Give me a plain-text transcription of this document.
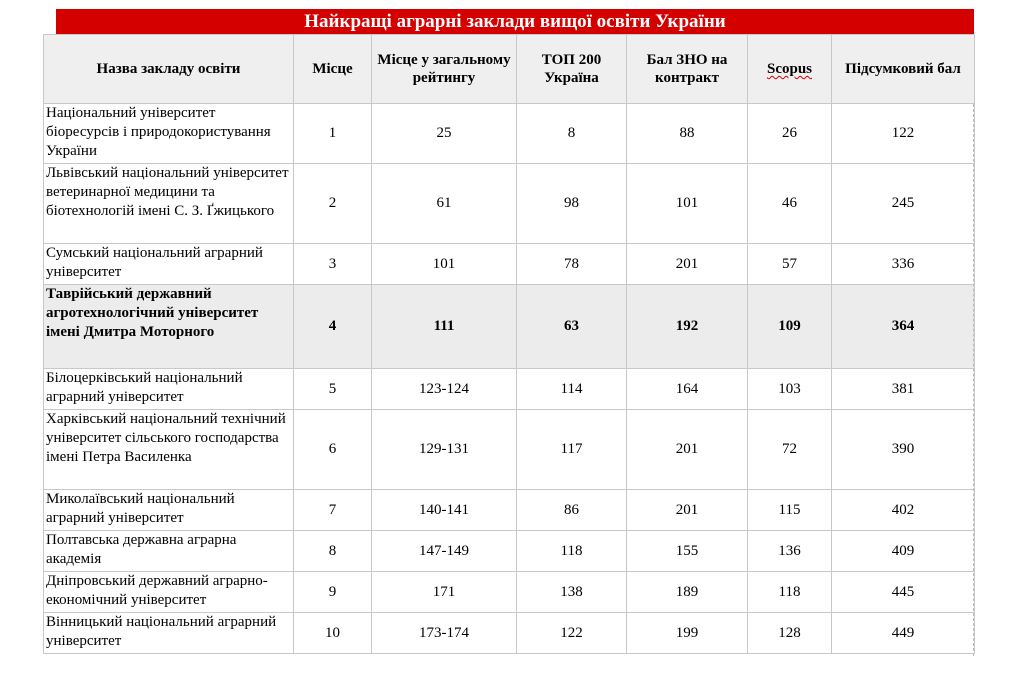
Найкращі аграрні заклади вищої освіти України
Назва закладу освіти	Місце	Місце у загальному рейтингу	ТОП 200 Україна	Бал ЗНО на контракт	Scopus	Підсумковий бал
Національний університет біоресурсів і природокористування України	1	25	8	88	26	122
Львівський національний університет ветеринарної медицини та біотехнологій імені С. З. Ґжицького	2	61	98	101	46	245
Сумський національний аграрний університет	3	101	78	201	57	336
Таврійський державний агротехнологічний університет імені Дмитра Моторного	4	111	63	192	109	364
Білоцерківський національний аграрний університет	5	123-124	114	164	103	381
Харківський національний технічний університет сільського господарства імені Петра Василенка	6	129-131	117	201	72	390
Миколаївський національний аграрний університет	7	140-141	86	201	115	402
Полтавська державна аграрна академія	8	147-149	118	155	136	409
Дніпровський державний аграрно-економічний університет	9	171	138	189	118	445
Вінницький національний аграрний університет	10	173-174	122	199	128	449
